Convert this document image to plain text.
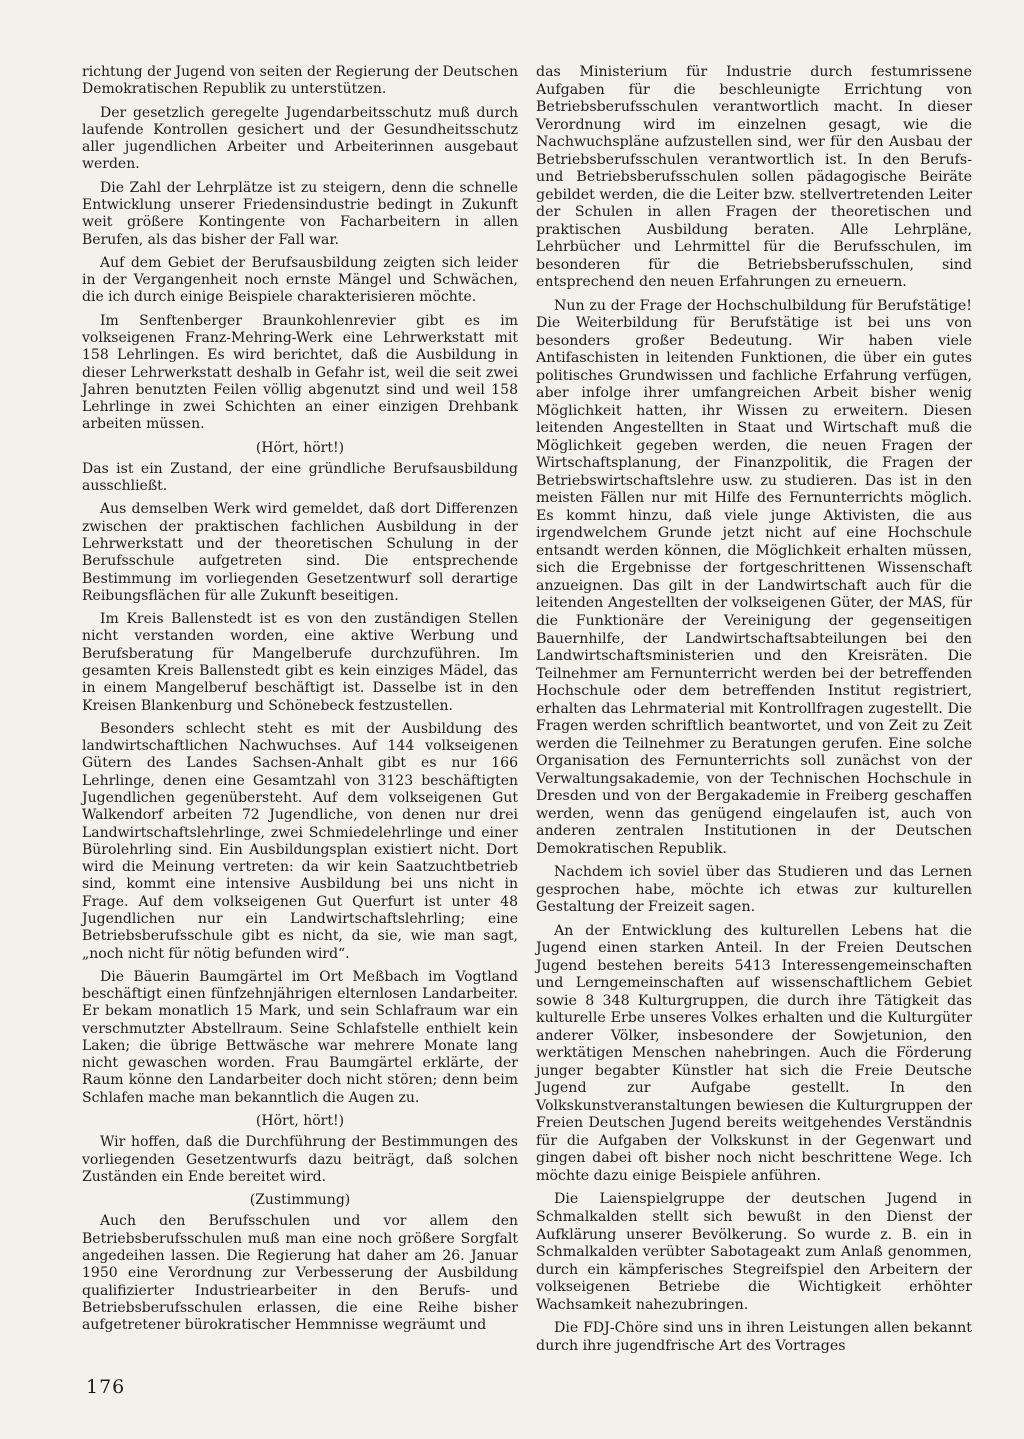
richtung der Jugend von seiten der Regierung der Deutschen Demokratischen Republik zu unterstützen.

Der gesetzlich geregelte Jugendarbeitsschutz muß durch laufende Kontrollen gesichert und der Gesundheitsschutz aller jugendlichen Arbeiter und Arbeiterinnen ausgebaut werden.

Die Zahl der Lehrplätze ist zu steigern, denn die schnelle Entwicklung unserer Friedensindustrie bedingt in Zukunft weit größere Kontingente von Facharbeitern in allen Berufen, als das bisher der Fall war.

Auf dem Gebiet der Berufsausbildung zeigten sich leider in der Vergangenheit noch ernste Mängel und Schwächen, die ich durch einige Beispiele charakterisieren möchte.

Im Senftenberger Braunkohlenrevier gibt es im volkseigenen Franz-Mehring-Werk eine Lehrwerkstatt mit 158 Lehrlingen. Es wird berichtet, daß die Ausbildung in dieser Lehrwerkstatt deshalb in Gefahr ist, weil die seit zwei Jahren benutzten Feilen völlig abgenutzt sind und weil 158 Lehrlinge in zwei Schichten an einer einzigen Drehbank arbeiten müssen.

(Hört, hört!)

Das ist ein Zustand, der eine gründliche Berufsausbildung ausschließt.

Aus demselben Werk wird gemeldet, daß dort Differenzen zwischen der praktischen fachlichen Ausbildung in der Lehrwerkstatt und der theoretischen Schulung in der Berufsschule aufgetreten sind. Die entsprechende Bestimmung im vorliegenden Gesetzentwurf soll derartige Reibungsflächen für alle Zukunft beseitigen.

Im Kreis Ballenstedt ist es von den zuständigen Stellen nicht verstanden worden, eine aktive Werbung und Berufsberatung für Mangelberufe durchzuführen. Im gesamten Kreis Ballenstedt gibt es kein einziges Mädel, das in einem Mangelberuf beschäftigt ist. Dasselbe ist in den Kreisen Blankenburg und Schönebeck festzustellen.

Besonders schlecht steht es mit der Ausbildung des landwirtschaftlichen Nachwuchses. Auf 144 volkseigenen Gütern des Landes Sachsen-Anhalt gibt es nur 166 Lehrlinge, denen eine Gesamtzahl von 3123 beschäftigten Jugendlichen gegenübersteht. Auf dem volkseigenen Gut Walkendorf arbeiten 72 Jugendliche, von denen nur drei Landwirtschaftslehrlinge, zwei Schmiedelehrlinge und einer Bürolehrling sind. Ein Ausbildungsplan existiert nicht. Dort wird die Meinung vertreten: da wir kein Saatzuchtbetrieb sind, kommt eine intensive Ausbildung bei uns nicht in Frage. Auf dem volkseigenen Gut Querfurt ist unter 48 Jugendlichen nur ein Landwirtschaftslehrling; eine Betriebsberufsschule gibt es nicht, da sie, wie man sagt, „noch nicht für nötig befunden wird“.

Die Bäuerin Baumgärtel im Ort Meßbach im Vogtland beschäftigt einen fünfzehnjährigen elternlosen Landarbeiter. Er bekam monatlich 15 Mark, und sein Schlafraum war ein verschmutzter Abstellraum. Seine Schlafstelle enthielt kein Laken; die übrige Bettwäsche war mehrere Monate lang nicht gewaschen worden. Frau Baumgärtel erklärte, der Raum könne den Landarbeiter doch nicht stören; denn beim Schlafen mache man bekanntlich die Augen zu.

(Hört, hört!)

Wir hoffen, daß die Durchführung der Bestimmungen des vorliegenden Gesetzentwurfs dazu beiträgt, daß solchen Zuständen ein Ende bereitet wird.

(Zustimmung)

Auch den Berufsschulen und vor allem den Betriebsberufsschulen muß man eine noch größere Sorgfalt angedeihen lassen. Die Regierung hat daher am 26. Januar 1950 eine Verordnung zur Verbesserung der Ausbildung qualifizierter Industriearbeiter in den Berufs- und Betriebsberufsschulen erlassen, die eine Reihe bisher aufgetretener bürokratischer Hemmnisse wegräumt und

das Ministerium für Industrie durch festumrissene Aufgaben für die beschleunigte Errichtung von Betriebsberufsschulen verantwortlich macht. In dieser Verordnung wird im einzelnen gesagt, wie die Nachwuchspläne aufzustellen sind, wer für den Ausbau der Betriebsberufsschulen verantwortlich ist. In den Berufs- und Betriebsberufsschulen sollen pädagogische Beiräte gebildet werden, die die Leiter bzw. stellvertretenden Leiter der Schulen in allen Fragen der theoretischen und praktischen Ausbildung beraten. Alle Lehrpläne, Lehrbücher und Lehrmittel für die Berufsschulen, im besonderen für die Betriebsberufsschulen, sind entsprechend den neuen Erfahrungen zu erneuern.

Nun zu der Frage der Hochschulbildung für Berufstätige! Die Weiterbildung für Berufstätige ist bei uns von besonders großer Bedeutung. Wir haben viele Antifaschisten in leitenden Funktionen, die über ein gutes politisches Grundwissen und fachliche Erfahrung verfügen, aber infolge ihrer umfangreichen Arbeit bisher wenig Möglichkeit hatten, ihr Wissen zu erweitern. Diesen leitenden Angestellten in Staat und Wirtschaft muß die Möglichkeit gegeben werden, die neuen Fragen der Wirtschaftsplanung, der Finanzpolitik, die Fragen der Betriebswirtschaftslehre usw. zu studieren. Das ist in den meisten Fällen nur mit Hilfe des Fernunterrichts möglich. Es kommt hinzu, daß viele junge Aktivisten, die aus irgendwelchem Grunde jetzt nicht auf eine Hochschule entsandt werden können, die Möglichkeit erhalten müssen, sich die Ergebnisse der fortgeschrittenen Wissenschaft anzueignen. Das gilt in der Landwirtschaft auch für die leitenden Angestellten der volkseigenen Güter, der MAS, für die Funktionäre der Vereinigung der gegenseitigen Bauernhilfe, der Landwirtschaftsabteilungen bei den Landwirtschaftsministerien und den Kreisräten. Die Teilnehmer am Fernunterricht werden bei der betreffenden Hochschule oder dem betreffenden Institut registriert, erhalten das Lehrmaterial mit Kontrollfragen zugestellt. Die Fragen werden schriftlich beantwortet, und von Zeit zu Zeit werden die Teilnehmer zu Beratungen gerufen. Eine solche Organisation des Fernunterrichts soll zunächst von der Verwaltungsakademie, von der Technischen Hochschule in Dresden und von der Bergakademie in Freiberg geschaffen werden, wenn das genügend eingelaufen ist, auch von anderen zentralen Institutionen in der Deutschen Demokratischen Republik.

Nachdem ich soviel über das Studieren und das Lernen gesprochen habe, möchte ich etwas zur kulturellen Gestaltung der Freizeit sagen.

An der Entwicklung des kulturellen Lebens hat die Jugend einen starken Anteil. In der Freien Deutschen Jugend bestehen bereits 5413 Interessengemeinschaften und Lerngemeinschaften auf wissenschaftlichem Gebiet sowie 8 348 Kulturgruppen, die durch ihre Tätigkeit das kulturelle Erbe unseres Volkes erhalten und die Kulturgüter anderer Völker, insbesondere der Sowjetunion, den werktätigen Menschen nahebringen. Auch die Förderung junger begabter Künstler hat sich die Freie Deutsche Jugend zur Aufgabe gestellt. In den Volkskunstveranstaltungen bewiesen die Kulturgruppen der Freien Deutschen Jugend bereits weitgehendes Verständnis für die Aufgaben der Volkskunst in der Gegenwart und gingen dabei oft bisher noch nicht beschrittene Wege. Ich möchte dazu einige Beispiele anführen.

Die Laienspielgruppe der deutschen Jugend in Schmalkalden stellt sich bewußt in den Dienst der Aufklärung unserer Bevölkerung. So wurde z. B. ein in Schmalkalden verübter Sabotageakt zum Anlaß genommen, durch ein kämpferisches Stegreifspiel den Arbeitern der volkseigenen Betriebe die Wichtigkeit erhöhter Wachsamkeit nahezubringen.

Die FDJ-Chöre sind uns in ihren Leistungen allen bekannt durch ihre jugendfrische Art des Vortrages

176
